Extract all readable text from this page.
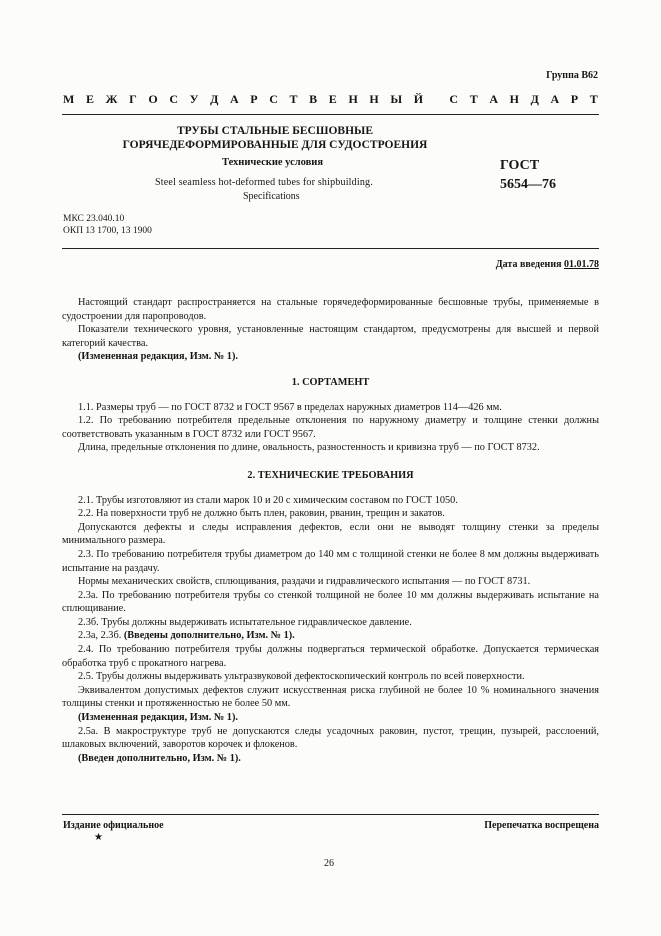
Группа В62
М Е Ж Г О С У Д А Р С Т В Е Н Н Ы Й
С Т А Н Д А Р Т
ТРУБЫ СТАЛЬНЫЕ БЕСШОВНЫЕ
ГОРЯЧЕДЕФОРМИРОВАННЫЕ ДЛЯ СУДОСТРОЕНИЯ
Технические условия
Steel seamless hot-deformed tubes for shipbuilding.
Specifications
ГОСТ
5654—76
МКС 23.040.10
ОКП 13 1700, 13 1900
Дата введения 01.01.78

Настоящий стандарт распространяется на стальные горячедеформированные бесшовные трубы, применяемые в судостроении для паропроводов.

Показатели технического уровня, установленные настоящим стандартом, предусмотрены для высшей и первой категорий качества.

(Измененная редакция, Изм. № 1).

1. СОРТАМЕНТ

1.1. Размеры труб — по ГОСТ 8732 и ГОСТ 9567 в пределах наружных диаметров 114—426 мм.

1.2. По требованию потребителя предельные отклонения по наружному диаметру и толщине стенки должны соответствовать указанным в ГОСТ 8732 или ГОСТ 9567.

Длина, предельные отклонения по длине, овальность, разностенность и кривизна труб — по ГОСТ 8732.

2. ТЕХНИЧЕСКИЕ ТРЕБОВАНИЯ

2.1. Трубы изготовляют из стали марок 10 и 20 с химическим составом по ГОСТ 1050.

2.2. На поверхности труб не должно быть плен, раковин, рванин, трещин и закатов.

Допускаются дефекты и следы исправления дефектов, если они не выводят толщину стенки за пределы минимального размера.

2.3. По требованию потребителя трубы диаметром до 140 мм с толщиной стенки не более 8 мм должны выдерживать испытание на раздачу.

Нормы механических свойств, сплющивания, раздачи и гидравлического испытания — по ГОСТ 8731.

2.3а. По требованию потребителя трубы со стенкой толщиной не более 10 мм должны выдерживать испытание на сплющивание.

2.3б. Трубы должны выдерживать испытательное гидравлическое давление.

2.3а, 2.3б. (Введены дополнительно, Изм. № 1).

2.4. По требованию потребителя трубы должны подвергаться термической обработке. Допускается термическая обработка труб с прокатного нагрева.

2.5. Трубы должны выдерживать ультразвуковой дефектоскопический контроль по всей поверхности.

Эквивалентом допустимых дефектов служит искусственная риска глубиной не более 10 % номинального значения толщины стенки и протяженностью не более 50 мм.

(Измененная редакция, Изм. № 1).

2.5а. В макроструктуре труб не допускаются следы усадочных раковин, пустот, трещин, пузырей, расслоений, шлаковых включений, заворотов корочек и флокенов.

(Введен дополнительно, Изм. № 1).

Издание официальное
★
Перепечатка воспрещена
26
